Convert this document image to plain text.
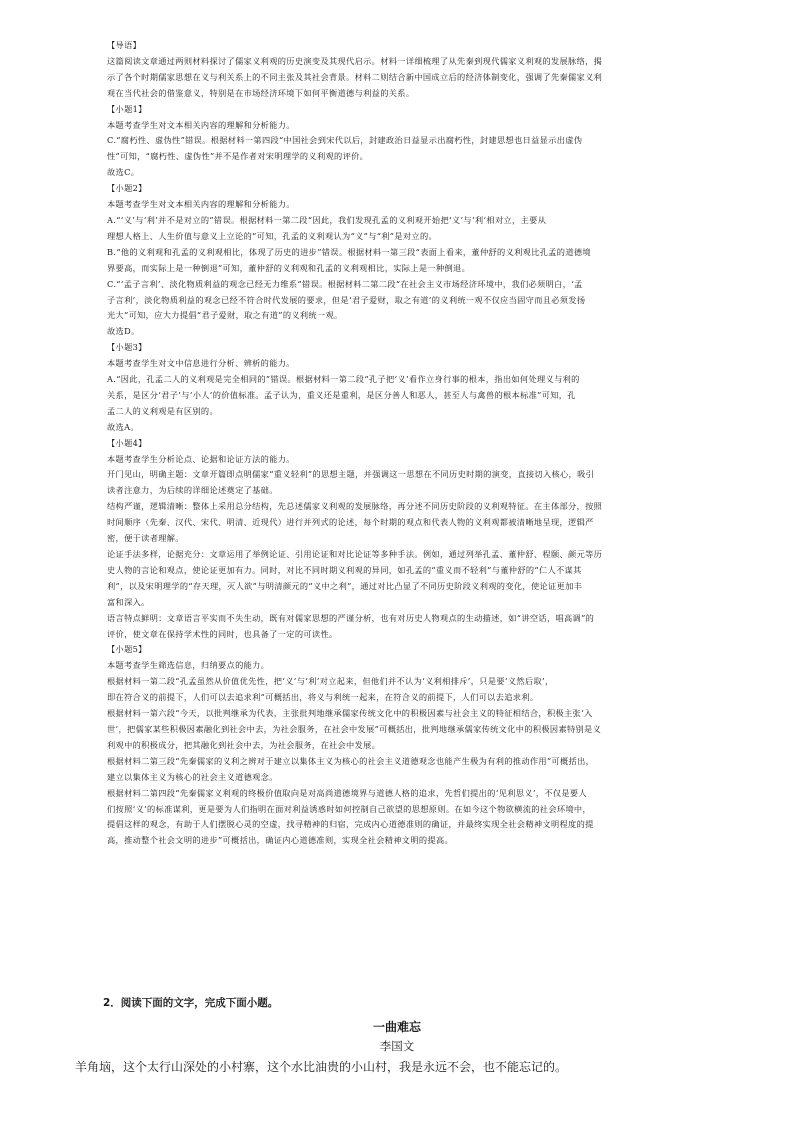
【导语】

这篇阅读文章通过两则材料探讨了儒家义利观的历史演变及其现代启示。材料一详细梳理了从先秦到现代儒家义利观的发展脉络，揭

示了各个时期儒家思想在义与利关系上的不同主张及其社会背景。材料二则结合新中国成立后的经济体制变化，强调了先秦儒家义利

观在当代社会的借鉴意义，特别是在市场经济环境下如何平衡道德与利益的关系。

【小题1】

本题考查学生对文本相关内容的理解和分析能力。

C.“腐朽性、虚伪性”错误。根据材料一第四段“中国社会到宋代以后，封建政治日益显示出腐朽性，封建思想也日益显示出虚伪

性”可知，“腐朽性、虚伪性”并不是作者对宋明理学的义利观的评价。

故选C。

【小题2】

本题考查学生对文本相关内容的理解和分析能力。

A.“‘义’与‘利’并不是对立的”错误。根据材料一第二段“因此，我们发现孔孟的义利观开始把‘义’与‘利’相对立，主要从

理想人格上、人生价值与意义上立论的”可知，孔孟的义利观认为“义”与“利”是对立的。

B.“他的义利观和孔孟的义利观相比，体现了历史的进步”错误。根据材料一第三段“表面上看来，董仲舒的义利观比孔孟的道德境

界要高，而实际上是一种倒退”可知，董仲舒的义利观和孔孟的义利观相比，实际上是一种倒退。

C.“‘孟子言利’、淡化物质利益的观念已经无力维系”错误。根据材料二第二段“在社会主义市场经济环境中，我们必须明白，‘孟

子言利’，淡化物质利益的观念已经不符合时代发展的要求，但是‘君子爱财，取之有道’的义利统一观不仅应当固守而且必须发扬

光大”可知，应大力提倡“君子爱财，取之有道”的义利统一观。

故选D。

【小题3】

本题考查学生对文中信息进行分析、辨析的能力。

A.“因此，孔孟二人的义利观是完全相同的”错误。根据材料一第二段“孔子把‘义’看作立身行事的根本，指出如何处理义与利的

关系，是区分‘君子’与‘小人’的价值标准。孟子认为，重义还是重利，是区分善人和恶人，甚至人与禽兽的根本标准”可知，孔

孟二人的义利观是有区别的。

故选A。

【小题4】

本题考查学生分析论点、论据和论证方法的能力。

开门见山，明确主题：文章开篇即点明儒家“重义轻利”的思想主题，并强调这一思想在不同历史时期的演变，直接切入核心，吸引

读者注意力，为后续的详细论述奠定了基础。

结构严谨，逻辑清晰：整体上采用总分结构，先总述儒家义利观的发展脉络，再分述不同历史阶段的义利观特征。在主体部分，按照

时间顺序（先秦、汉代、宋代、明清、近现代）进行并列式的论述，每个时期的观点和代表人物的义利观都被清晰地呈现，逻辑严

密，便于读者理解。

论证手法多样，论据充分：文章运用了举例论证、引用论证和对比论证等多种手法。例如，通过列举孔孟、董仲舒、程颐、颜元等历

史人物的言论和观点，使论证更加有力。同时，对比不同时期义利观的异同，如孔孟的“重义而不轻利”与董仲舒的“仁人不谋其

利”，以及宋明理学的“存天理，灭人欲”与明清颜元的“义中之利”，通过对比凸显了不同历史阶段义利观的变化，使论证更加丰

富和深入。

语言特点鲜明：文章语言平实而不失生动，既有对儒家思想的严谨分析，也有对历史人物观点的生动描述，如“讲空话，唱高调”的

评价，使文章在保持学术性的同时，也具备了一定的可读性。

【小题5】

本题考查学生筛选信息，归纳要点的能力。

根据材料一第二段“孔孟虽然从价值优先性，把‘义’与‘利’对立起来，但他们并不认为‘义利相排斥’，只是要‘义然后取’，

即在符合义的前提下，人们可以去追求利”可概括出，将义与利统一起来，在符合义的前提下，人们可以去追求利。

根据材料一第六段“今天，以批判继承为代表，主张批判地继承儒家传统文化中的积极因素与社会主义的特征相结合，积极主张‘入

世’，把儒家某些积极因素融化到社会中去，为社会服务，在社会中发展”可概括出，批判地继承儒家传统文化中的积极因素特别是义

利观中的积极成分，把其融化到社会中去，为社会服务，在社会中发展。

根据材料二第三段“先秦儒家的义利之辨对于建立以集体主义为核心的社会主义道德观念也能产生极为有利的推动作用”可概括出，

建立以集体主义为核心的社会主义道德观念。

根据材料二第四段“先秦儒家义利观的终极价值取向是对高尚道德境界与道德人格的追求，先哲们提出的‘见利思义’，不仅是要人

们按照‘义’的标准谋利，更是要为人们指明在面对利益诱惑时如何控制自己欲望的思想原则。在如今这个物欲横流的社会环境中，

提倡这样的观念，有助于人们摆脱心灵的空虚，找寻精神的归宿，完成内心道德准则的确证，并最终实现全社会精神文明程度的提

高，推动整个社会文明的进步”可概括出，确证内心道德准则，实现全社会精神文明的提高。

2．阅读下面的文字，完成下面小题。
一曲难忘
李国文
羊角垴，这个太行山深处的小村寨，这个水比油贵的小山村，我是永远不会，也不能忘记的。
